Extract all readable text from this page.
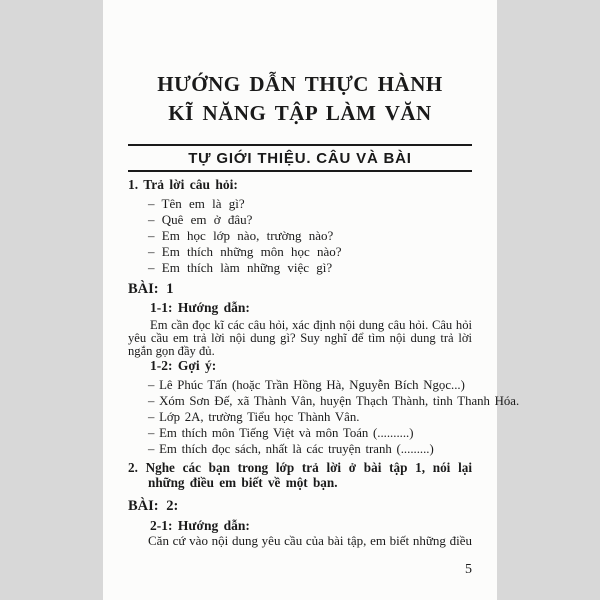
HƯỚNG DẪN THỰC HÀNH
KĨ NĂNG TẬP LÀM VĂN
TỰ GIỚI THIỆU. CÂU VÀ BÀI
1. Trả lời câu hỏi:
– Tên em là gì?
– Quê em ở đâu?
– Em học lớp nào, trường nào?
– Em thích những môn học nào?
– Em thích làm những việc gì?
BÀI: 1
1-1: Hướng dẫn:
Em cần đọc kĩ các câu hỏi, xác định nội dung câu hỏi. Câu hỏi
yêu cầu em trả lời nội dung gì? Suy nghĩ để tìm nội dung trả lời
ngắn gọn đầy đủ.
1-2: Gợi ý:
– Lê Phúc Tấn (hoặc Trần Hồng Hà, Nguyễn Bích Ngọc...)
– Xóm Sơn Đế, xã Thành Vân, huyện Thạch Thành, tỉnh Thanh Hóa.
– Lớp 2A, trường Tiểu học Thành Vân.
– Em thích môn Tiếng Việt và môn Toán (..........)
– Em thích đọc sách, nhất là các truyện tranh (.........)
2. Nghe các bạn trong lớp trả lời ở bài tập 1, nói lại
những điều em biết về một bạn.
BÀI: 2:
2-1: Hướng dẫn:
Căn cứ vào nội dung yêu cầu của bài tập, em biết những điều
5
